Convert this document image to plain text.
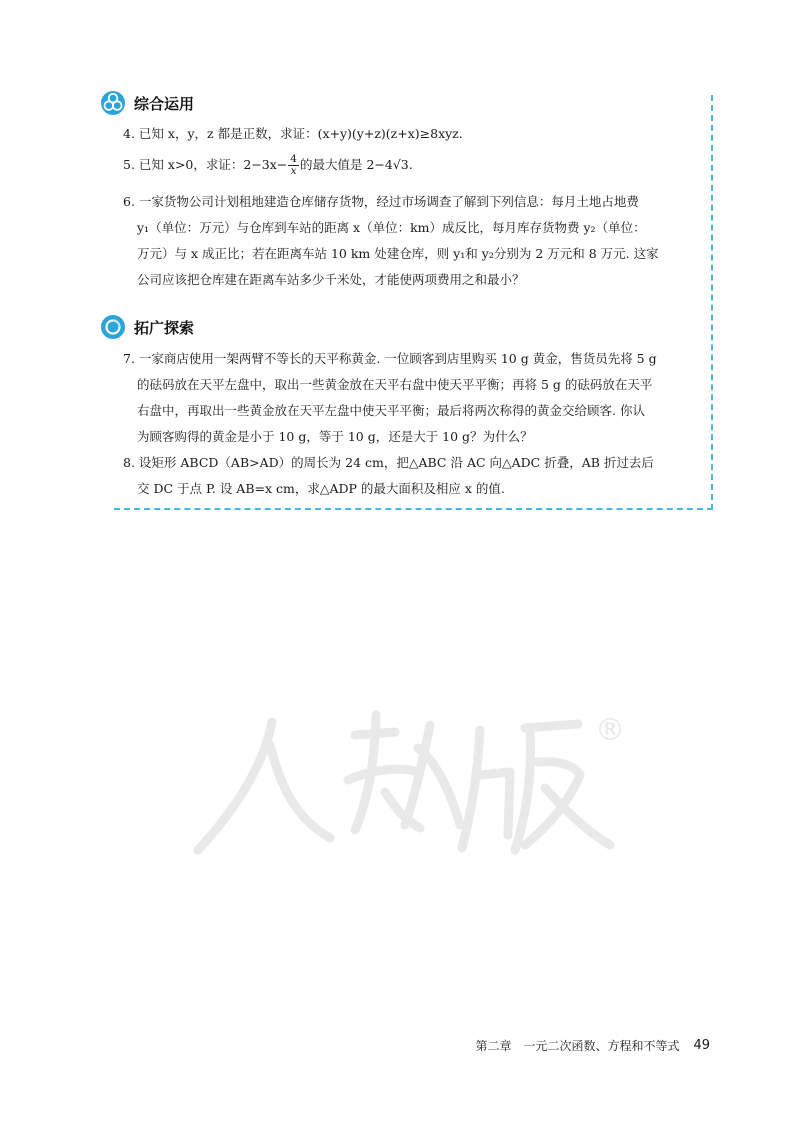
综合运用

4. 已知 x，y，z 都是正数，求证：(x+y)(y+z)(z+x)≥8xyz.

5. 已知 x>0，求证：$2-3x- \frac{4}{x}$ 的最大值是 2−4√3.

6. 一家货物公司计划租地建造仓库储存货物，经过市场调查了解到下列信息：每月土地占地费
y₁（单位：万元）与仓库到车站的距离 x（单位：km）成反比，每月库存货物费 y₂（单位：
万元）与 x 成正比；若在距离车站 10 km 处建仓库，则 y₁和 y₂分别为 2 万元和 8 万元. 这家
公司应该把仓库建在距离车站多少千米处，才能使两项费用之和最小？
拓广探索
7. 一家商店使用一架两臂不等长的天平称黄金. 一位顾客到店里购买 10 g 黄金，售货员先将 5 g
的砝码放在天平左盘中，取出一些黄金放在天平右盘中使天平平衡；再将 5 g 的砝码放在天平
右盘中，再取出一些黄金放在天平左盘中使天平平衡；最后将两次称得的黄金交给顾客. 你认
为顾客购得的黄金是小于 10 g，等于 10 g，还是大于 10 g？为什么？
8. 设矩形 ABCD（AB>AD）的周长为 24 cm，把△ABC 沿 AC 向△ADC 折叠，AB 折过去后
交 DC 于点 P. 设 AB=x cm，求△ADP 的最大面积及相应 x 的值.
®
第二章　一元二次函数、方程和不等式 49
